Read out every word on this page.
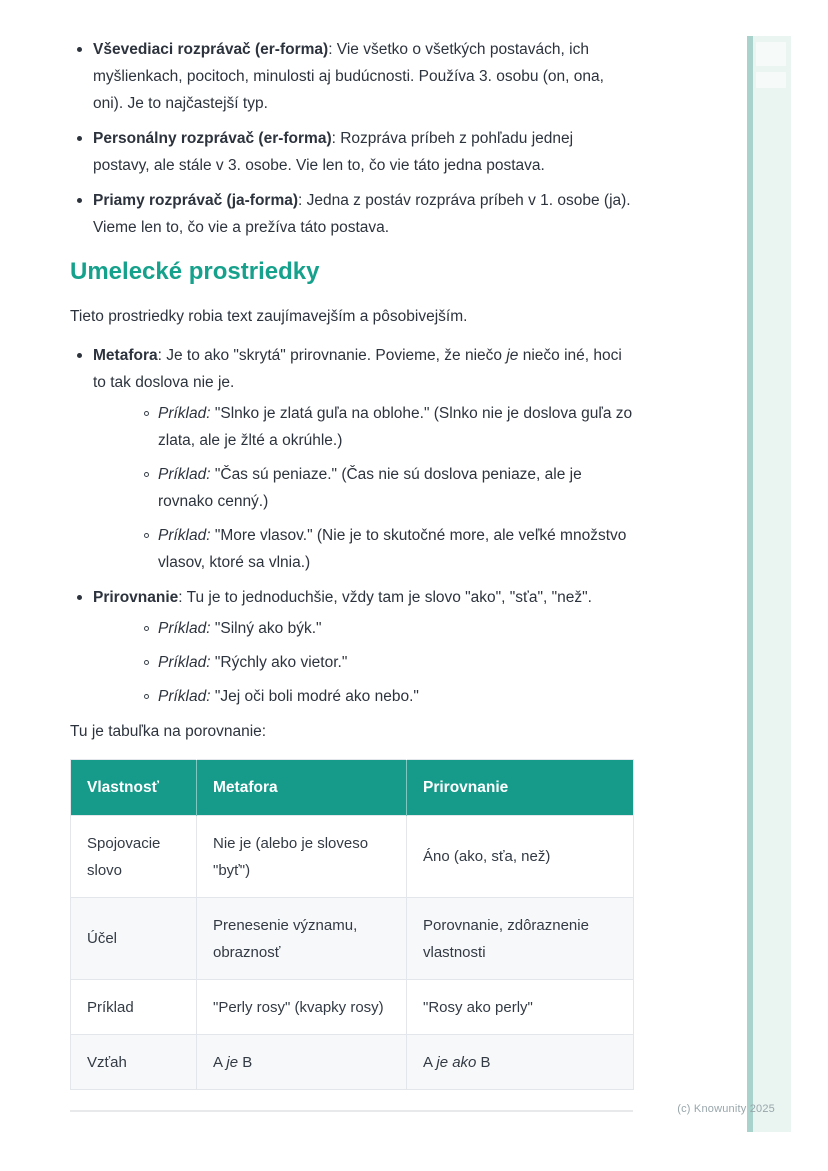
Vševediaci rozprávač (er-forma): Vie všetko o všetkých postavách, ich myšlienkach, pocitoch, minulosti aj budúcnosti. Používa 3. osobu (on, ona, oni). Je to najčastejší typ.
Personálny rozprávač (er-forma): Rozpráva príbeh z pohľadu jednej postavy, ale stále v 3. osobe. Vie len to, čo vie táto jedna postava.
Priamy rozprávač (ja-forma): Jedna z postáv rozpráva príbeh v 1. osobe (ja). Vieme len to, čo vie a prežíva táto postava.
Umelecké prostriedky

Tieto prostriedky robia text zaujímavejším a pôsobivejším.

Metafora: Je to ako "skrytá" prirovnanie. Povieme, že niečo je niečo iné, hoci to tak doslova nie je.
Príklad: "Slnko je zlatá guľa na oblohe." (Slnko nie je doslova guľa zo zlata, ale je žlté a okrúhle.)
Príklad: "Čas sú peniaze." (Čas nie sú doslova peniaze, ale je rovnako cenný.)
Príklad: "More vlasov." (Nie je to skutočné more, ale veľké množstvo vlasov, ktoré sa vlnia.)
Prirovnanie: Tu je to jednoduchšie, vždy tam je slovo "ako", "sťa", "než".
Príklad: "Silný ako býk."
Príklad: "Rýchly ako vietor."
Príklad: "Jej oči boli modré ako nebo."

Tu je tabuľka na porovnanie:

Vlastnosť	Metafora	Prirovnanie
Spojovacie slovo	Nie je (alebo je sloveso "byť")	Áno (ako, sťa, než)
Účel	Prenesenie významu, obraznosť	Porovnanie, zdôraznenie vlastnosti
Príklad	"Perly rosy" (kvapky rosy)	"Rosy ako perly"
Vzťah	A je B	A je ako B
(c) Knowunity 2025
